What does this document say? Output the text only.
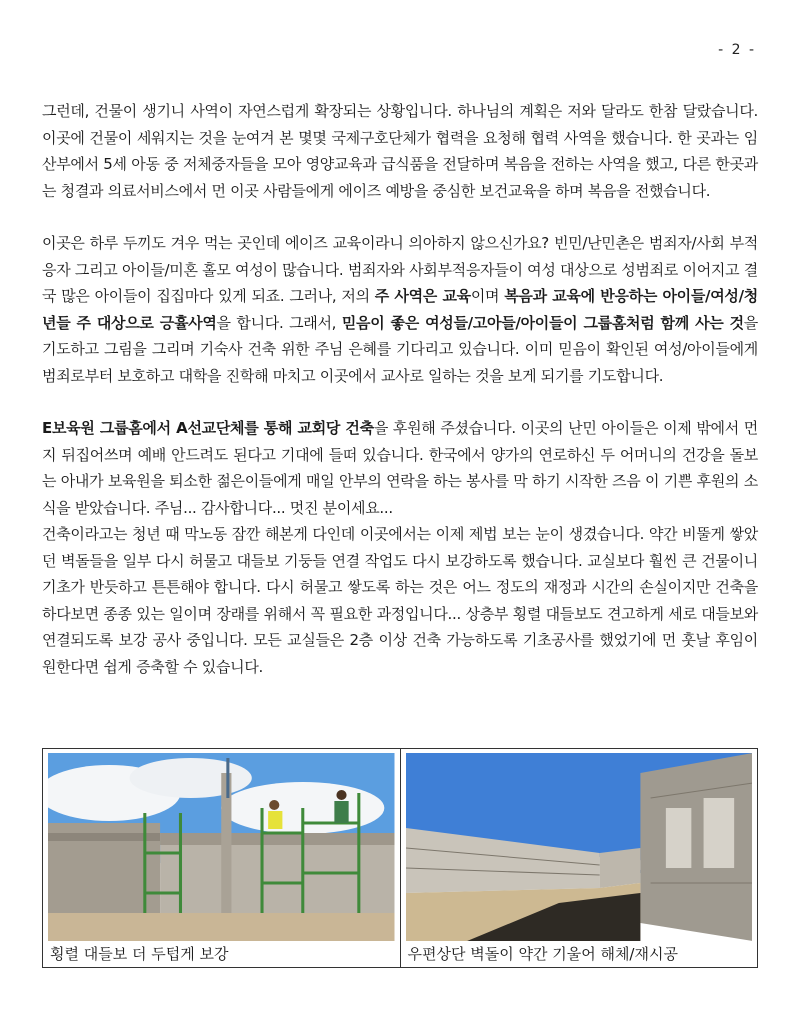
- 2 -

그런데, 건물이 생기니 사역이 자연스럽게 확장되는 상황입니다. 하나님의 계획은 저와 달라도 한참 달랐습니다. 이곳에 건물이 세워지는 것을 눈여겨 본 몇몇 국제구호단체가 협력을 요청해 협력 사역을 했습니다. 한 곳과는 임산부에서 5세 아동 중 저체중자들을 모아 영양교육과 급식품을 전달하며 복음을 전하는 사역을 했고, 다른 한곳과는 청결과 의료서비스에서 먼 이곳 사람들에게 에이즈 예방을 중심한 보건교육을 하며 복음을 전했습니다.

이곳은 하루 두끼도 겨우 먹는 곳인데 에이즈 교육이라니 의아하지 않으신가요? 빈민/난민촌은 범죄자/사회 부적응자 그리고 아이들/미혼 홀모 여성이 많습니다. 범죄자와 사회부적응자들이 여성 대상으로 성범죄로 이어지고 결국 많은 아이들이 집집마다 있게 되죠. 그러나, 저의 주 사역은 교육이며 복음과 교육에 반응하는 아이들/여성/청년들 주 대상으로 긍휼사역을 합니다. 그래서, 믿음이 좋은 여성들/고아들/아이들이 그룹홈처럼 함께 사는 것을 기도하고 그림을 그리며 기숙사 건축 위한 주님 은혜를 기다리고 있습니다. 이미 믿음이 확인된 여성/아이들에게 범죄로부터 보호하고 대학을 진학해 마치고 이곳에서 교사로 일하는 것을 보게 되기를 기도합니다.

E보육원 그룹홈에서 A선교단체를 통해 교회당 건축을 후원해 주셨습니다. 이곳의 난민 아이들은 이제 밖에서 먼지 뒤집어쓰며 예배 안드려도 된다고 기대에 들떠 있습니다. 한국에서 양가의 연로하신 두 어머니의 건강을 돌보는 아내가 보육원을 퇴소한 젊은이들에게 매일 안부의 연락을 하는 봉사를 막 하기 시작한 즈음 이 기쁜 후원의 소식을 받았습니다. 주님... 감사합니다... 멋진 분이세요...

건축이라고는 청년 때 막노동 잠깐 해본게 다인데 이곳에서는 이제 제법 보는 눈이 생겼습니다. 약간 비뚤게 쌓았던 벽돌들을 일부 다시 허물고 대들보 기둥들 연결 작업도 다시 보강하도록 했습니다. 교실보다 훨씬 큰 건물이니 기초가 반듯하고 튼튼해야 합니다. 다시 허물고 쌓도록 하는 것은 어느 정도의 재정과 시간의 손실이지만 건축을 하다보면 종종 있는 일이며 장래를 위해서 꼭 필요한 과정입니다... 상층부 횡렬 대들보도 견고하게 세로 대들보와 연결되도록 보강 공사 중입니다. 모든 교실들은 2층 이상 건축 가능하도록 기초공사를 했었기에 먼 훗날 후임이 원한다면 쉽게 증축할 수 있습니다.

횡렬 대들보 더 두텁게 보강	우편상단 벽돌이 약간 기울어 해체/재시공
